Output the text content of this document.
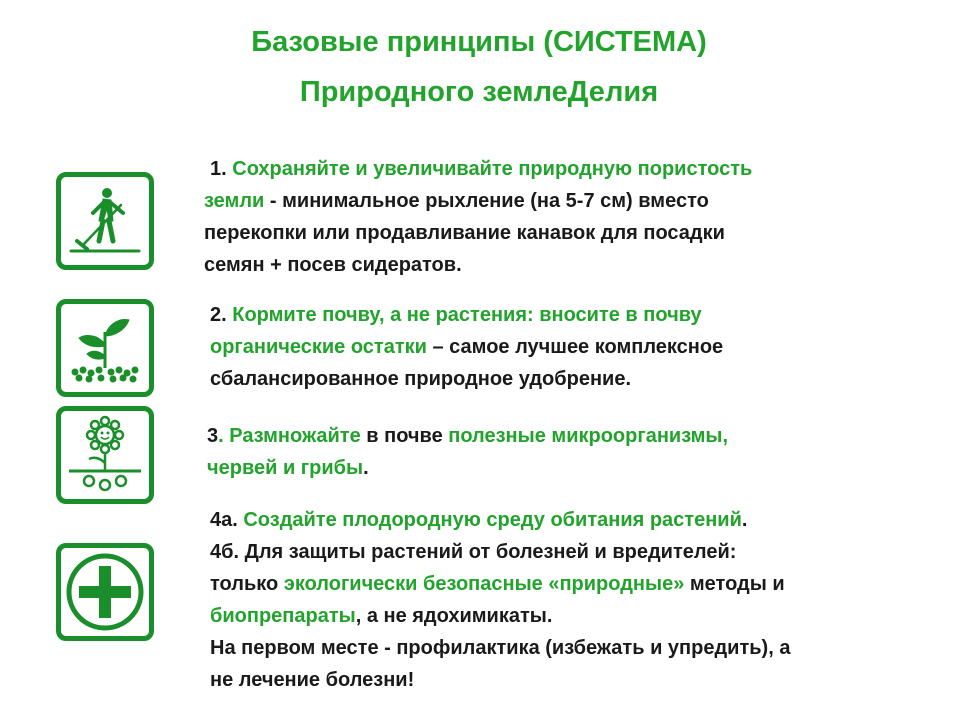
Базовые принципы (СИСТЕМА)
Природного землеДелия
1. Сохраняйте и увеличивайте природную пористость
земли - минимальное рыхление (на 5-7 см) вместо
перекопки или продавливание канавок для посадки
семян + посев сидератов.
2. Кормите почву, а не растения: вносите в почву
органические остатки – самое лучшее комплексное
сбалансированное природное удобрение.
3. Размножайте в почве полезные микроорганизмы,
червей и грибы.
4а. Создайте плодородную среду обитания растений.
4б. Для защиты растений от болезней и вредителей:
только экологически безопасные «природные» методы и
биопрепараты, а не ядохимикаты.
На первом месте - профилактика (избежать и упредить), а
не лечение болезни!
